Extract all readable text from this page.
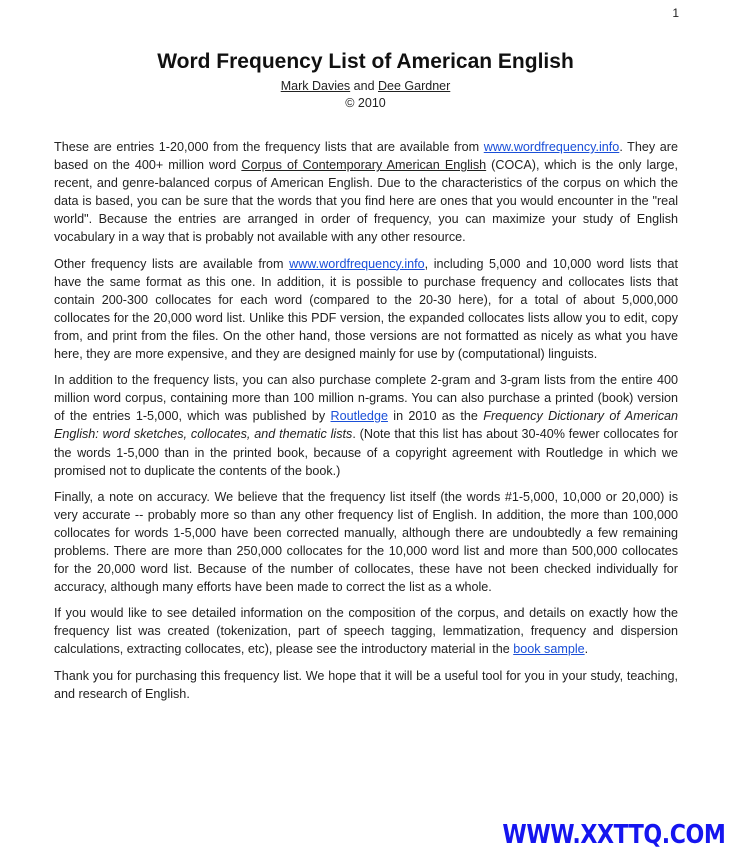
1
Word Frequency List of American English
Mark Davies and Dee Gardner
© 2010

These are entries 1-20,000 from the frequency lists that are available from www.wordfrequency.info. They are based on the 400+ million word Corpus of Contemporary American English (COCA), which is the only large, recent, and genre-balanced corpus of American English. Due to the characteristics of the corpus on which the data is based, you can be sure that the words that you find here are ones that you would encounter in the "real world". Because the entries are arranged in order of frequency, you can maximize your study of English vocabulary in a way that is probably not available with any other resource.

Other frequency lists are available from www.wordfrequency.info, including 5,000 and 10,000 word lists that have the same format as this one. In addition, it is possible to purchase frequency and collocates lists that contain 200-300 collocates for each word (compared to the 20-30 here), for a total of about 5,000,000 collocates for the 20,000 word list. Unlike this PDF version, the expanded collocates lists allow you to edit, copy from, and print from the files. On the other hand, those versions are not formatted as nicely as what you have here, they are more expensive, and they are designed mainly for use by (computational) linguists.

In addition to the frequency lists, you can also purchase complete 2-gram and 3-gram lists from the entire 400 million word corpus, containing more than 100 million n-grams. You can also purchase a printed (book) version of the entries 1-5,000, which was published by Routledge in 2010 as the Frequency Dictionary of American English: word sketches, collocates, and thematic lists. (Note that this list has about 30-40% fewer collocates for the words 1-5,000 than in the printed book, because of a copyright agreement with Routledge in which we promised not to duplicate the contents of the book.)

Finally, a note on accuracy. We believe that the frequency list itself (the words #1-5,000, 10,000 or 20,000) is very accurate -- probably more so than any other frequency list of English. In addition, the more than 100,000 collocates for words 1-5,000 have been corrected manually, although there are undoubtedly a few remaining problems. There are more than 250,000 collocates for the 10,000 word list and more than 500,000 collocates for the 20,000 word list. Because of the number of collocates, these have not been checked individually for accuracy, although many efforts have been made to correct the list as a whole.

If you would like to see detailed information on the composition of the corpus, and details on exactly how the frequency list was created (tokenization, part of speech tagging, lemmatization, frequency and dispersion calculations, extracting collocates, etc), please see the introductory material in the book sample.

Thank you for purchasing this frequency list. We hope that it will be a useful tool for you in your study, teaching, and research of English.

WWW.XXTTQ.COM
